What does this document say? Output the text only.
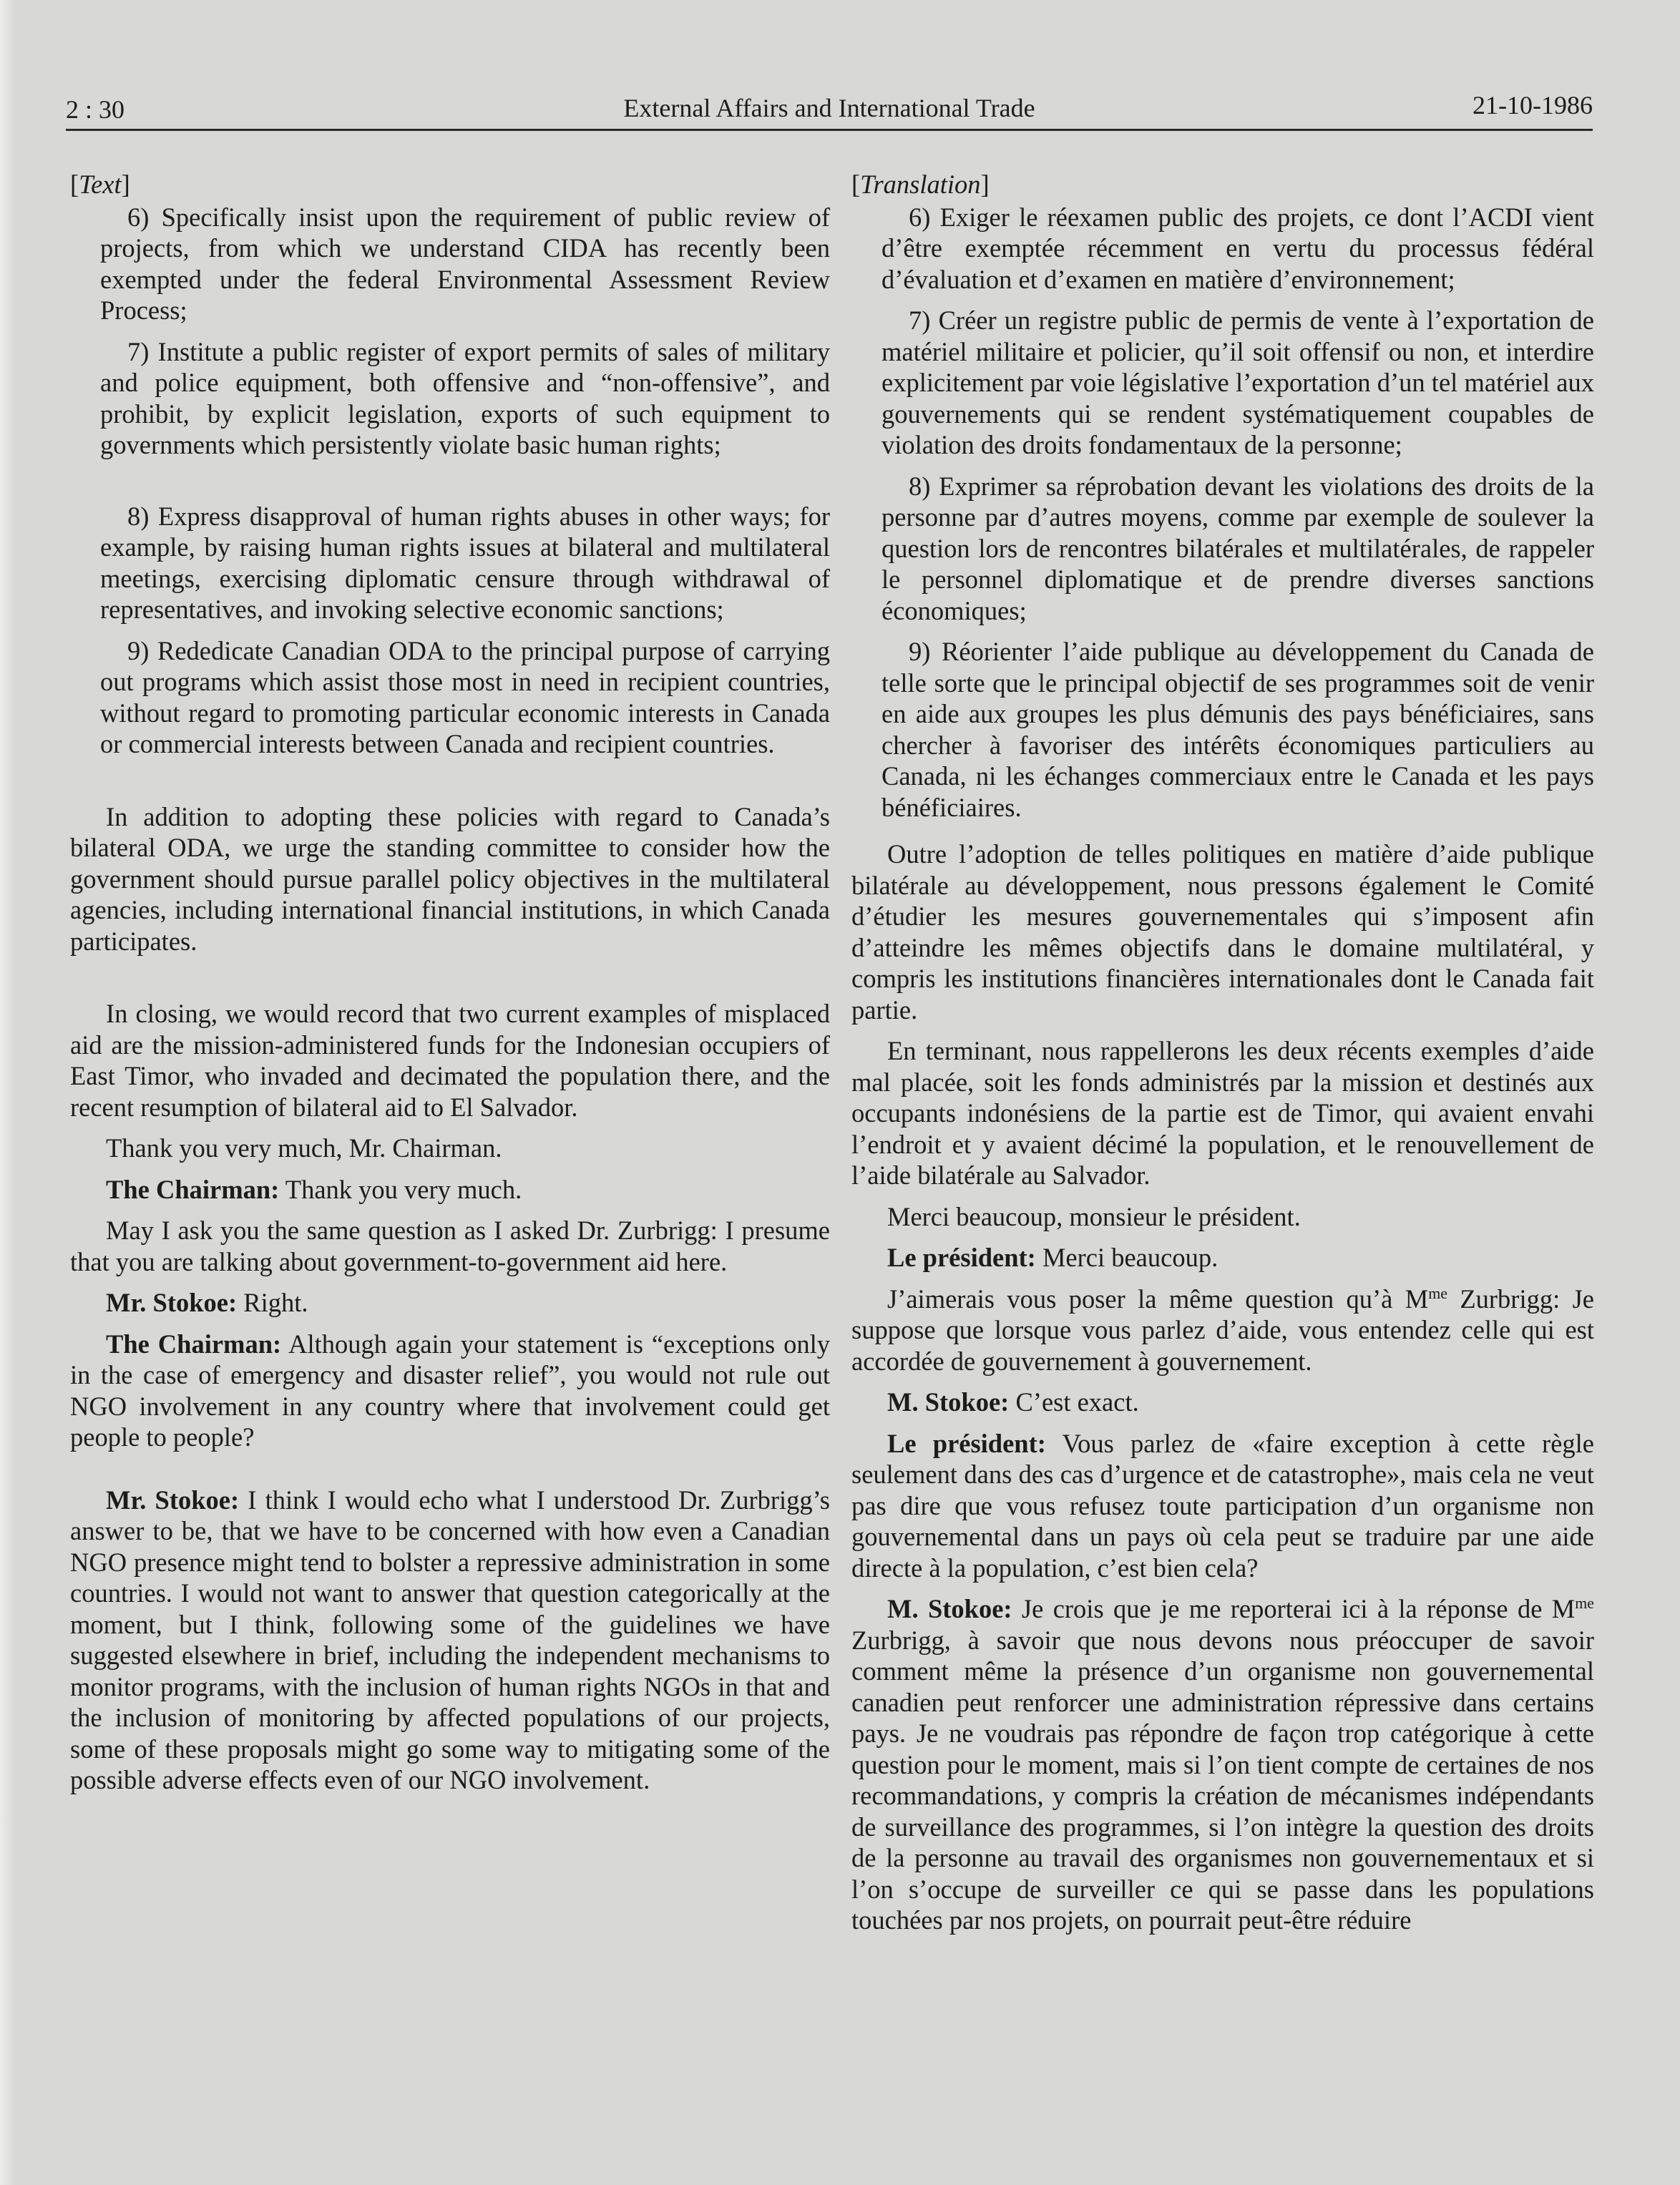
2 : 30	External Affairs and International Trade	21-10-1986

[Text]

6) Specifically insist upon the requirement of public review of projects, from which we understand CIDA has recently been exempted under the federal Environmental Assessment Review Process;

7) Institute a public register of export permits of sales of military and police equipment, both offensive and “non-offensive”, and prohibit, by explicit legislation, exports of such equipment to governments which persistently violate basic human rights;

8) Express disapproval of human rights abuses in other ways; for example, by raising human rights issues at bilateral and multilateral meetings, exercising diplomatic censure through withdrawal of representatives, and invoking selective economic sanctions;

9) Rededicate Canadian ODA to the principal purpose of carrying out programs which assist those most in need in recipient countries, without regard to promoting particular economic interests in Canada or commercial interests between Canada and recipient countries.

In addition to adopting these policies with regard to Canada’s bilateral ODA, we urge the standing committee to consider how the government should pursue parallel policy objectives in the multilateral agencies, including international financial institutions, in which Canada participates.

In closing, we would record that two current examples of misplaced aid are the mission-administered funds for the Indonesian occupiers of East Timor, who invaded and decimated the population there, and the recent resumption of bilateral aid to El Salvador.

Thank you very much, Mr. Chairman.

The Chairman: Thank you very much.

May I ask you the same question as I asked Dr. Zurbrigg: I presume that you are talking about government-to-government aid here.

Mr. Stokoe: Right.

The Chairman: Although again your statement is “exceptions only in the case of emergency and disaster relief”, you would not rule out NGO involvement in any country where that involvement could get people to people?

Mr. Stokoe: I think I would echo what I understood Dr. Zurbrigg’s answer to be, that we have to be concerned with how even a Canadian NGO presence might tend to bolster a repressive administration in some countries. I would not want to answer that question categorically at the moment, but I think, following some of the guidelines we have suggested elsewhere in brief, including the independent mechanisms to monitor programs, with the inclusion of human rights NGOs in that and the inclusion of monitoring by affected populations of our projects, some of these proposals might go some way to mitigating some of the possible adverse effects even of our NGO involvement.

[Translation]

6) Exiger le réexamen public des projets, ce dont l’ACDI vient d’être exemptée récemment en vertu du processus fédéral d’évaluation et d’examen en matière d’environnement;

7) Créer un registre public de permis de vente à l’exportation de matériel militaire et policier, qu’il soit offensif ou non, et interdire explicitement par voie législative l’exportation d’un tel matériel aux gouvernements qui se rendent systématiquement coupables de violation des droits fondamentaux de la personne;

8) Exprimer sa réprobation devant les violations des droits de la personne par d’autres moyens, comme par exemple de soulever la question lors de rencontres bilatérales et multilatérales, de rappeler le personnel diplomatique et de prendre diverses sanctions économiques;

9) Réorienter l’aide publique au développement du Canada de telle sorte que le principal objectif de ses programmes soit de venir en aide aux groupes les plus démunis des pays bénéficiaires, sans chercher à favoriser des intérêts économiques particuliers au Canada, ni les échanges commerciaux entre le Canada et les pays bénéficiaires.

Outre l’adoption de telles politiques en matière d’aide publique bilatérale au développement, nous pressons également le Comité d’étudier les mesures gouvernementales qui s’imposent afin d’atteindre les mêmes objectifs dans le domaine multilatéral, y compris les institutions financières internationales dont le Canada fait partie.

En terminant, nous rappellerons les deux récents exemples d’aide mal placée, soit les fonds administrés par la mission et destinés aux occupants indonésiens de la partie est de Timor, qui avaient envahi l’endroit et y avaient décimé la population, et le renouvellement de l’aide bilatérale au Salvador.

Merci beaucoup, monsieur le président.

Le président: Merci beaucoup.

J’aimerais vous poser la même question qu’à $M^{me}$ Zurbrigg: Je suppose que lorsque vous parlez d’aide, vous entendez celle qui est accordée de gouvernement à gouvernement.

M. Stokoe: C’est exact.

Le président: Vous parlez de «faire exception à cette règle seulement dans des cas d’urgence et de catastrophe», mais cela ne veut pas dire que vous refusez toute participation d’un organisme non gouvernemental dans un pays où cela peut se traduire par une aide directe à la population, c’est bien cela?

M. Stokoe: Je crois que je me reporterai ici à la réponse de $M^{me}$ Zurbrigg, à savoir que nous devons nous préoccuper de savoir comment même la présence d’un organisme non gouvernemental canadien peut renforcer une administration répressive dans certains pays. Je ne voudrais pas répondre de façon trop catégorique à cette question pour le moment, mais si l’on tient compte de certaines de nos recommandations, y compris la création de mécanismes indépendants de surveillance des programmes, si l’on intègre la question des droits de la personne au travail des organismes non gouvernementaux et si l’on s’occupe de surveiller ce qui se passe dans les populations touchées par nos projets, on pourrait peut-être réduire
